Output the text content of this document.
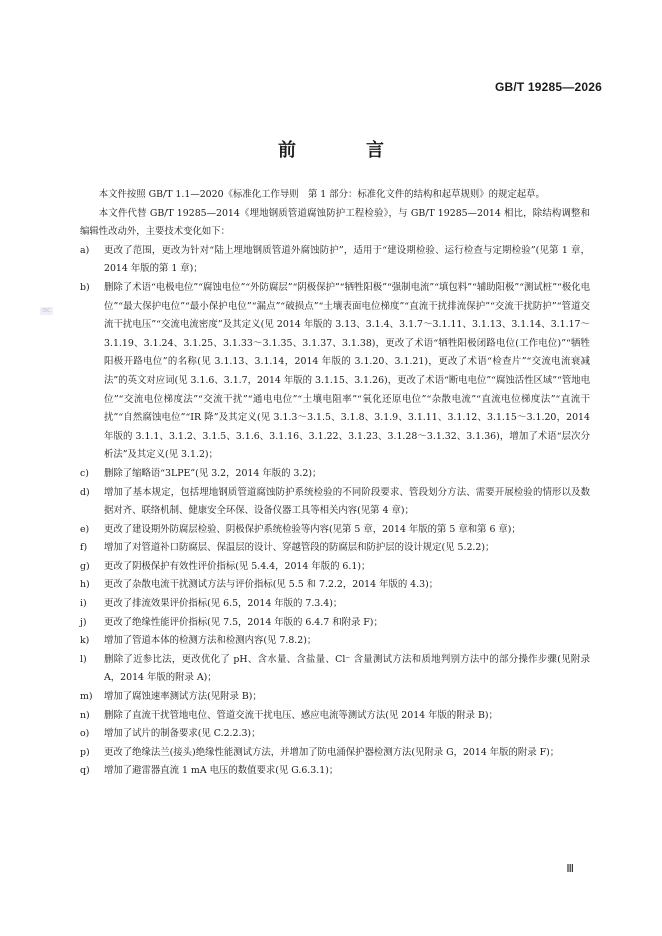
GB/T 19285—2026
前　言
ISC

本文件按照 GB/T 1.1—2020《标准化工作导则　第 1 部分：标准化文件的结构和起草规则》的规定起草。

本文件代替 GB/T 19285—2014《埋地钢质管道腐蚀防护工程检验》，与 GB/T 19285—2014 相比，除结构调整和编辑性改动外，主要技术变化如下：

a) 更改了范围，更改为针对“陆上埋地钢质管道外腐蚀防护”，适用于“建设期检验、运行检查与定期检验”(见第 1 章，2014 年版的第 1 章)；
b) 删除了术语“电极电位”“腐蚀电位”“外防腐层”“阴极保护”“牺牲阳极”“强制电流”“填包料”“辅助阳极”“测试桩”“极化电位”“最大保护电位”“最小保护电位”“漏点”“破损点”“土壤表面电位梯度”“直流干扰排流保护”“交流干扰防护”“管道交流干扰电压”“交流电流密度”及其定义(见 2014 年版的 3.13、3.1.4、3.1.7～3.1.11、3.1.13、3.1.14、3.1.17～3.1.19、3.1.24、3.1.25、3.1.33～3.1.35、3.1.37、3.1.38)，更改了术语“牺牲阳极闭路电位(工作电位)”“牺牲阳极开路电位”的名称(见 3.1.13、3.1.14，2014 年版的 3.1.20、3.1.21)，更改了术语“检查片”“交流电流衰减法”的英文对应词(见 3.1.6、3.1.7，2014 年版的 3.1.15、3.1.26)，更改了术语“断电电位”“腐蚀活性区域”“管地电位”“交流电位梯度法”“交流干扰”“通电电位”“土壤电阻率”“氧化还原电位”“杂散电流”“直流电位梯度法”“直流干扰”“自然腐蚀电位”“IR 降”及其定义(见 3.1.3～3.1.5、3.1.8、3.1.9、3.1.11、3.1.12、3.1.15～3.1.20，2014 年版的 3.1.1、3.1.2、3.1.5、3.1.6、3.1.16、3.1.22、3.1.23、3.1.28～3.1.32、3.1.36)，增加了术语“层次分析法”及其定义(见 3.1.2)；
c) 删除了缩略语“3LPE”(见 3.2，2014 年版的 3.2)；
d) 增加了基本规定，包括埋地钢质管道腐蚀防护系统检验的不同阶段要求、管段划分方法、需要开展检验的情形以及数据对齐、联络机制、健康安全环保、设备仪器工具等相关内容(见第 4 章)；
e) 更改了建设期外防腐层检验、阴极保护系统检验等内容(见第 5 章，2014 年版的第 5 章和第 6 章)；
f) 增加了对管道补口防腐层、保温层的设计、穿越管段的防腐层和防护层的设计规定(见 5.2.2)；
g) 更改了阴极保护有效性评价指标(见 5.4.4，2014 年版的 6.1)；
h) 更改了杂散电流干扰测试方法与评价指标(见 5.5 和 7.2.2，2014 年版的 4.3)；
i) 更改了排流效果评价指标(见 6.5，2014 年版的 7.3.4)；
j) 更改了绝缘性能评价指标(见 7.5，2014 年版的 6.4.7 和附录 F)；
k) 增加了管道本体的检测方法和检测内容(见 7.8.2)；
l) 删除了近参比法，更改优化了 pH、含水量、含盐量、Cl⁻ 含量测试方法和质地判别方法中的部分操作步骤(见附录 A，2014 年版的附录 A)；
m) 增加了腐蚀速率测试方法(见附录 B)；
n) 删除了直流干扰管地电位、管道交流干扰电压、感应电流等测试方法(见 2014 年版的附录 B)；
o) 增加了试片的制备要求(见 C.2.2.3)；
p) 更改了绝缘法兰(接头)绝缘性能测试方法，并增加了防电涌保护器检测方法(见附录 G，2014 年版的附录 F)；
q) 增加了避雷器直流 1 mA 电压的数值要求(见 G.6.3.1)；
Ⅲ
